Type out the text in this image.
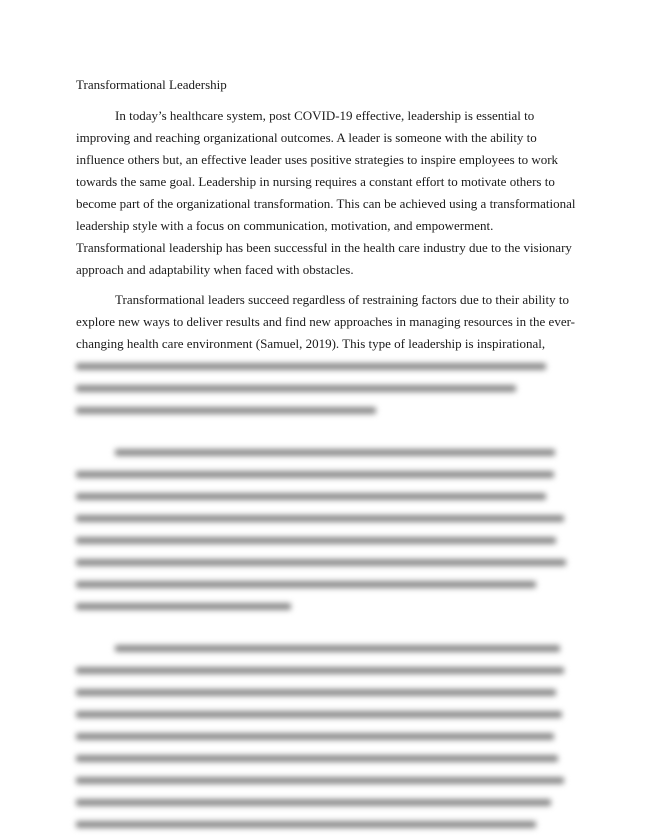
Transformational Leadership
In today’s healthcare system, post COVID-19 effective, leadership is essential to
improving and reaching organizational outcomes. A leader is someone with the ability to
influence others but, an effective leader uses positive strategies to inspire employees to work
towards the same goal. Leadership in nursing requires a constant effort to motivate others to
become part of the organizational transformation. This can be achieved using a transformational
leadership style with a focus on communication, motivation, and empowerment.
Transformational leadership has been successful in the health care industry due to the visionary
approach and adaptability when faced with obstacles.
Transformational leaders succeed regardless of restraining factors due to their ability to
explore new ways to deliver results and find new approaches in managing resources in the ever-
changing health care environment (Samuel, 2019). This type of leadership is inspirational,
